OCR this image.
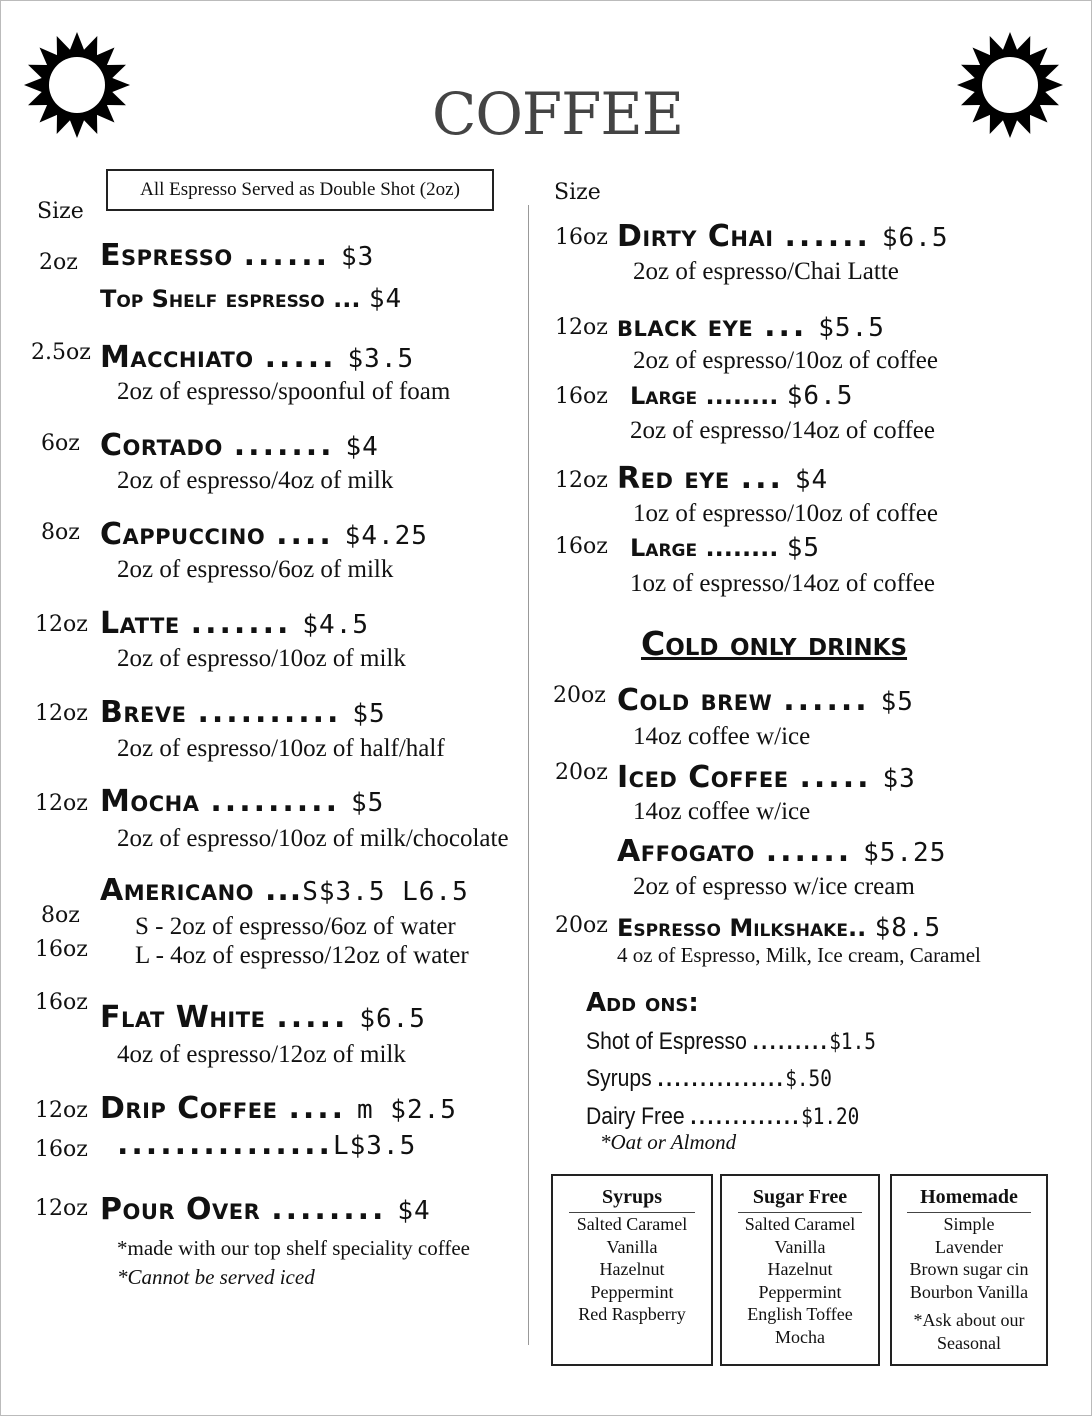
COFFEE
All Espresso Served as Double Shot (2oz)
Size
2oz Espresso ...... $3
Top Shelf espresso ... $4
2.5oz Macchiato ..... $3.5
2oz of espresso/spoonful of foam
6oz Cortado ....... $4
2oz of espresso/4oz of milk
8oz Cappuccino .... $4.25
2oz of espresso/6oz of milk
12oz Latte ....... $4.5
2oz of espresso/10oz of milk
12oz Breve .......... $5
2oz of espresso/10oz of half/half
12oz Mocha ......... $5
2oz of espresso/10oz of milk/chocolate
Americano ...S$3.5 L6.5
8oz
16oz
S - 2oz of espresso/6oz of water
L - 4oz of espresso/12oz of water
16oz Flat White ..... $6.5
4oz of espresso/12oz of milk
12oz Drip Coffee .... m $2.5
16oz ...............L$3.5
12oz Pour Over ........ $4
*made with our top shelf speciality coffee
*Cannot be served iced
Size
16oz Dirty Chai ...... $6.5
2oz of espresso/Chai Latte
12oz black eye ... $5.5
2oz of espresso/10oz of coffee
16oz Large ........ $6.5
2oz of espresso/14oz of coffee
12oz Red eye ... $4
1oz of espresso/10oz of coffee
16oz Large ........ $5
1oz of espresso/14oz of coffee
Cold only drinks
20oz Cold brew ...... $5
14oz coffee w/ice
20oz Iced Coffee ..... $3
14oz coffee w/ice
Affogato ...... $5.25
2oz of espresso w/ice cream
20oz Espresso Milkshake.. $8.5
4 oz of Espresso, Milk, Ice cream, Caramel
Add ons:
Shot of Espresso .........$1.5
Syrups ...............$.50
Dairy Free .............$1.20
*Oat or Almond
Syrups
Salted Caramel
Vanilla
Hazelnut
Peppermint
Red Raspberry
Sugar Free
Salted Caramel
Vanilla
Hazelnut
Peppermint
English Toffee
Mocha
Homemade
Simple
Lavender
Brown sugar cin
Bourbon Vanilla
*Ask about our Seasonal
